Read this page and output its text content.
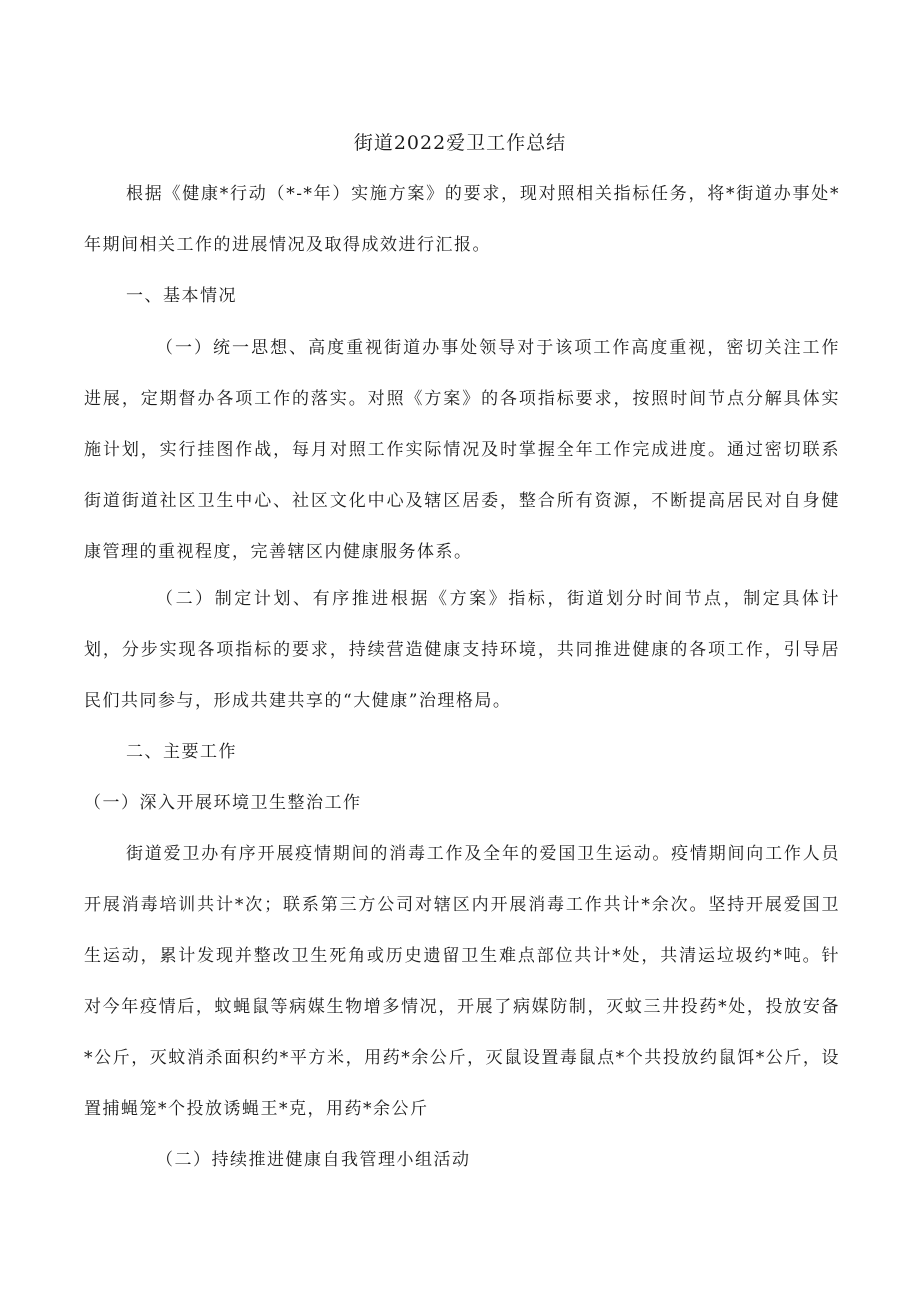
街道2022爱卫工作总结

根据《健康*行动（*-*年）实施方案》的要求，现对照相关指标任务，将*街道办事处*年期间相关工作的进展情况及取得成效进行汇报。

一、基本情况

（一）统一思想、高度重视街道办事处领导对于该项工作高度重视，密切关注工作进展，定期督办各项工作的落实。对照《方案》的各项指标要求，按照时间节点分解具体实施计划，实行挂图作战，每月对照工作实际情况及时掌握全年工作完成进度。通过密切联系街道街道社区卫生中心、社区文化中心及辖区居委，整合所有资源，不断提高居民对自身健康管理的重视程度，完善辖区内健康服务体系。

（二）制定计划、有序推进根据《方案》指标，街道划分时间节点，制定具体计划，分步实现各项指标的要求，持续营造健康支持环境，共同推进健康的各项工作，引导居民们共同参与，形成共建共享的“大健康”治理格局。

二、主要工作

（一）深入开展环境卫生整治工作

街道爱卫办有序开展疫情期间的消毒工作及全年的爱国卫生运动。疫情期间向工作人员开展消毒培训共计*次；联系第三方公司对辖区内开展消毒工作共计*余次。坚持开展爱国卫生运动，累计发现并整改卫生死角或历史遗留卫生难点部位共计*处，共清运垃圾约*吨。针对今年疫情后，蚊蝇鼠等病媒生物增多情况，开展了病媒防制，灭蚊三井投药*处，投放安备*公斤，灭蚊消杀面积约*平方米，用药*余公斤，灭鼠设置毒鼠点*个共投放约鼠饵*公斤，设置捕蝇笼*个投放诱蝇王*克，用药*余公斤

（二）持续推进健康自我管理小组活动
